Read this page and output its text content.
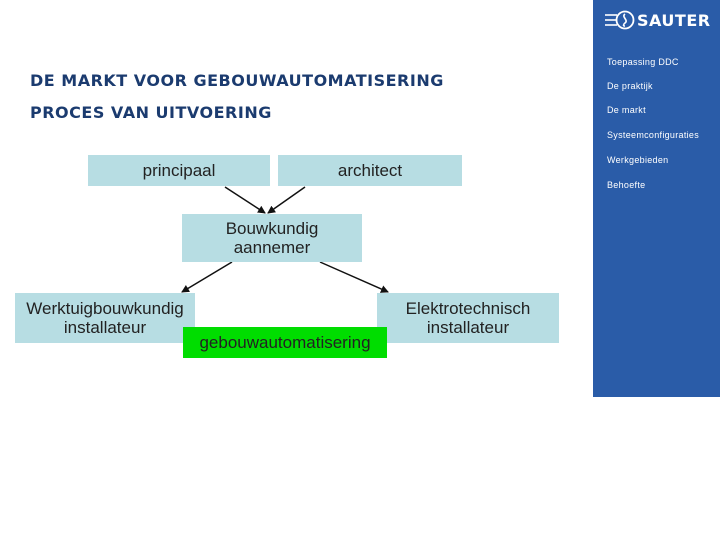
DE MARKT VOOR GEBOUWAUTOMATISERING
PROCES VAN UITVOERING
principaal	architect
Bouwkundig aannemer
Werktuigbouwkundig installateur
Elektrotechnisch installateur
gebouwautomatisering
SAUTER
Toepassing DDC
De praktijk
De markt
Systeemconfiguraties
Werkgebieden
Behoefte
